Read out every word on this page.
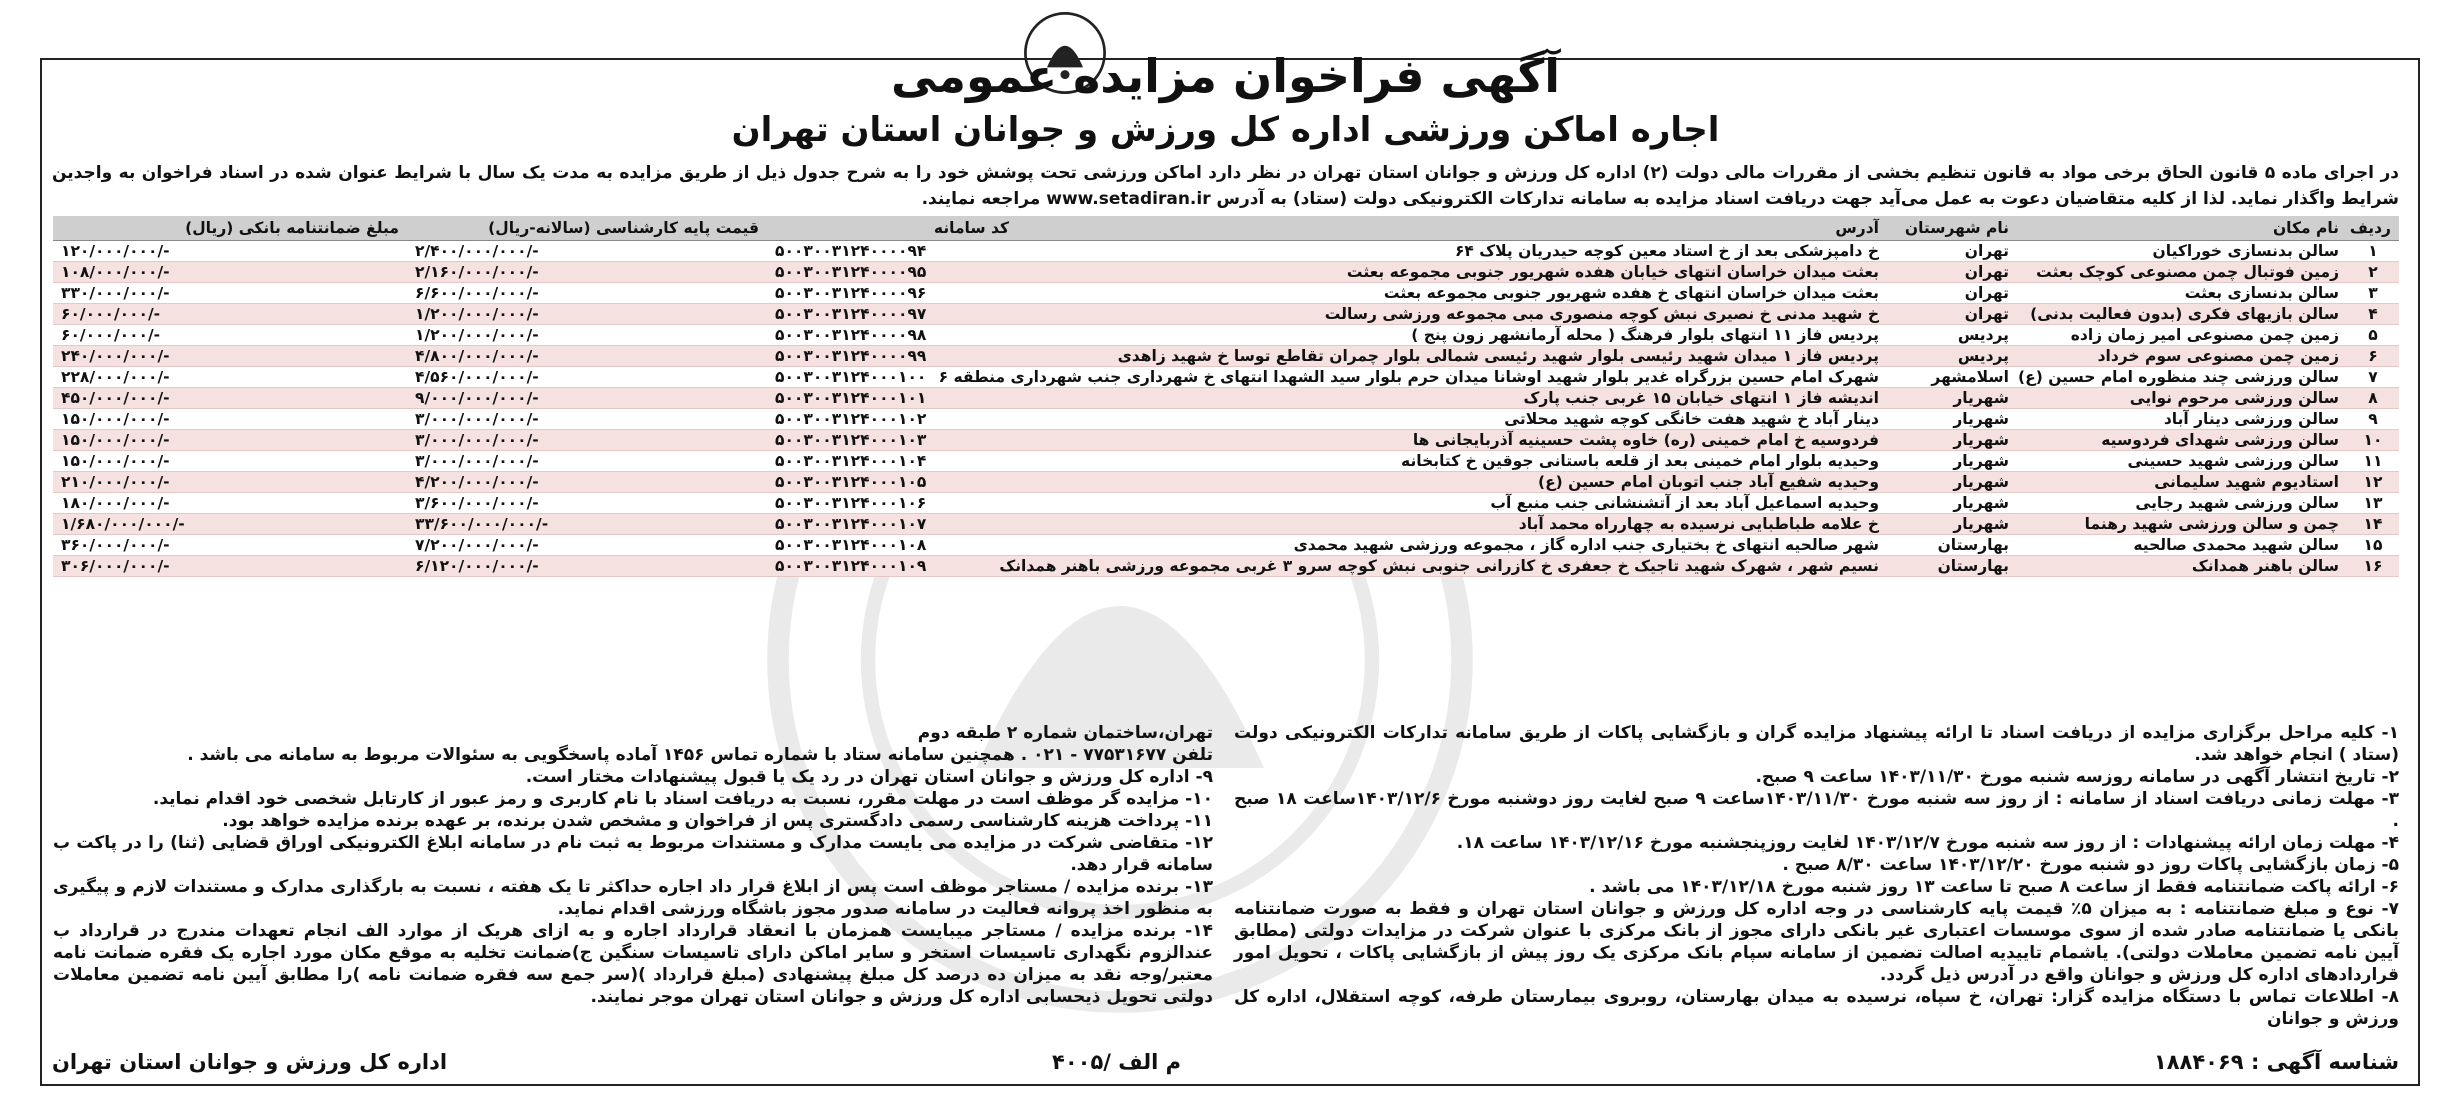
آگهی فراخوان مزایده عمومی
اجاره اماکن ورزشی اداره کل ورزش و جوانان استان تهران
در اجرای ماده ۵ قانون الحاق برخی مواد به قانون تنظیم بخشی از مقررات مالی دولت (۲) اداره کل ورزش و جوانان استان تهران در نظر دارد اماکن ورزشی تحت پوشش خود را به شرح جدول ذیل از طریق مزایده به مدت یک سال با شرایط عنوان شده در اسناد فراخوان به واجدین شرایط واگذار نماید. لذا از کلیه متقاضیان دعوت به عمل می‌آید جهت دریافت اسناد مزایده به سامانه تدارکات الکترونیکی دولت (ستاد) به آدرس www.setadiran.ir مراجعه نمایند.
ردیف	نام مکان	نام شهرستان	آدرس	کد سامانه	قیمت پایه کارشناسی (سالانه-ریال)	مبلغ ضمانتنامه بانکی (ریال)
۱	سالن بدنسازی خوراکیان	تهران	خ دامپزشکی بعد از خ استاد معین کوچه حیدریان پلاک ۶۴	۵۰۰۳۰۰۳۱۲۴۰۰۰۰۹۴	۲/۴۰۰/۰۰۰/۰۰۰/-	۱۲۰/۰۰۰/۰۰۰/-
۲	زمین فوتبال چمن مصنوعی کوچک بعثت	تهران	بعثت میدان خراسان انتهای خیابان هفده شهریور جنوبی مجموعه بعثت	۵۰۰۳۰۰۳۱۲۴۰۰۰۰۹۵	۲/۱۶۰/۰۰۰/۰۰۰/-	۱۰۸/۰۰۰/۰۰۰/-
۳	سالن بدنسازی بعثت	تهران	بعثت میدان خراسان انتهای خ هفده شهریور جنوبی مجموعه بعثت	۵۰۰۳۰۰۳۱۲۴۰۰۰۰۹۶	۶/۶۰۰/۰۰۰/۰۰۰/-	۳۳۰/۰۰۰/۰۰۰/-
۴	سالن بازیهای فکری (بدون فعالیت بدنی)	تهران	خ شهید مدنی خ نصیری نبش کوچه منصوری مبی مجموعه ورزشی رسالت	۵۰۰۳۰۰۳۱۲۴۰۰۰۰۹۷	۱/۲۰۰/۰۰۰/۰۰۰/-	۶۰/۰۰۰/۰۰۰/-
۵	زمین چمن مصنوعی امیر زمان زاده	پردیس	پردیس فاز ۱۱ انتهای بلوار فرهنگ ( محله آرمانشهر زون پنج )	۵۰۰۳۰۰۳۱۲۴۰۰۰۰۹۸	۱/۲۰۰/۰۰۰/۰۰۰/-	۶۰/۰۰۰/۰۰۰/-
۶	زمین چمن مصنوعی سوم خرداد	پردیس	پردیس فاز ۱ میدان شهید رئیسی بلوار شهید رئیسی شمالی بلوار چمران تقاطع توسا خ شهید زاهدی	۵۰۰۳۰۰۳۱۲۴۰۰۰۰۹۹	۴/۸۰۰/۰۰۰/۰۰۰/-	۲۴۰/۰۰۰/۰۰۰/-
۷	سالن ورزشی چند منظوره امام حسین (ع)	اسلامشهر	شهرک امام حسین بزرگراه غدیر بلوار شهید اوشانا میدان حرم بلوار سید الشهدا انتهای خ شهرداری جنب شهرداری منطقه ۶	۵۰۰۳۰۰۳۱۲۴۰۰۰۱۰۰	۴/۵۶۰/۰۰۰/۰۰۰/-	۲۲۸/۰۰۰/۰۰۰/-
۸	سالن ورزشی مرحوم نوایی	شهریار	اندیشه فاز ۱ انتهای خیابان ۱۵ غربی جنب پارک	۵۰۰۳۰۰۳۱۲۴۰۰۰۱۰۱	۹/۰۰۰/۰۰۰/۰۰۰/-	۴۵۰/۰۰۰/۰۰۰/-
۹	سالن ورزشی دینار آباد	شهریار	دینار آباد خ شهید هفت خانگی کوچه شهید محلاتی	۵۰۰۳۰۰۳۱۲۴۰۰۰۱۰۲	۳/۰۰۰/۰۰۰/۰۰۰/-	۱۵۰/۰۰۰/۰۰۰/-
۱۰	سالن ورزشی شهدای فردوسیه	شهریار	فردوسیه خ امام خمینی (ره) خاوه پشت حسینیه آذربایجانی ها	۵۰۰۳۰۰۳۱۲۴۰۰۰۱۰۳	۳/۰۰۰/۰۰۰/۰۰۰/-	۱۵۰/۰۰۰/۰۰۰/-
۱۱	سالن ورزشی شهید حسینی	شهریار	وحیدیه بلوار امام خمینی بعد از قلعه باستانی جوقین خ کتابخانه	۵۰۰۳۰۰۳۱۲۴۰۰۰۱۰۴	۳/۰۰۰/۰۰۰/۰۰۰/-	۱۵۰/۰۰۰/۰۰۰/-
۱۲	استادیوم شهید سلیمانی	شهریار	وحیدیه شفیع آباد جنب اتوبان امام حسین (ع)	۵۰۰۳۰۰۳۱۲۴۰۰۰۱۰۵	۴/۲۰۰/۰۰۰/۰۰۰/-	۲۱۰/۰۰۰/۰۰۰/-
۱۳	سالن ورزشی شهید رجایی	شهریار	وحیدیه اسماعیل آباد بعد از آتشنشانی جنب منبع آب	۵۰۰۳۰۰۳۱۲۴۰۰۰۱۰۶	۳/۶۰۰/۰۰۰/۰۰۰/-	۱۸۰/۰۰۰/۰۰۰/-
۱۴	چمن و سالن ورزشی شهید رهنما	شهریار	خ علامه طباطبایی نرسیده به چهارراه محمد آباد	۵۰۰۳۰۰۳۱۲۴۰۰۰۱۰۷	۳۳/۶۰۰/۰۰۰/۰۰۰/-	۱/۶۸۰/۰۰۰/۰۰۰/-
۱۵	سالن شهید محمدی صالحیه	بهارستان	شهر صالحیه انتهای خ بختیاری جنب اداره گاز ، مجموعه ورزشی شهید محمدی	۵۰۰۳۰۰۳۱۲۴۰۰۰۱۰۸	۷/۲۰۰/۰۰۰/۰۰۰/-	۳۶۰/۰۰۰/۰۰۰/-
۱۶	سالن باهنر همدانک	بهارستان	نسیم شهر ، شهرک شهید تاجیک خ جعفری خ کازرانی جنوبی نبش کوچه سرو ۳ غربی مجموعه ورزشی باهنر همدانک	۵۰۰۳۰۰۳۱۲۴۰۰۰۱۰۹	۶/۱۲۰/۰۰۰/۰۰۰/-	۳۰۶/۰۰۰/۰۰۰/-

۱- کلیه مراحل برگزاری مزایده از دریافت اسناد تا ارائه پیشنهاد مزایده گران و بازگشایی پاکات از طریق سامانه تدارکات الکترونیکی دولت (ستاد ) انجام خواهد شد.

۲- تاریخ انتشار آگهی در سامانه روزسه شنبه مورخ ۱۴۰۳/۱۱/۳۰ ساعت ۹ صبح.

۳- مهلت زمانی دریافت اسناد از سامانه : از روز سه شنبه مورخ ۱۴۰۳/۱۱/۳۰ساعت ۹ صبح لغایت روز دوشنبه مورخ ۱۴۰۳/۱۲/۶ساعت ۱۸ صبح .

۴- مهلت زمان ارائه پیشنهادات : از روز سه شنبه مورخ ۱۴۰۳/۱۲/۷ لغایت روزپنجشنبه مورخ ۱۴۰۳/۱۲/۱۶ ساعت ۱۸.

۵- زمان بازگشایی پاکات روز دو شنبه مورخ ۱۴۰۳/۱۲/۲۰ ساعت ۸/۳۰ صبح .

۶- ارائه پاکت ضمانتنامه فقط از ساعت ۸ صبح تا ساعت ۱۳ روز شنبه مورخ ۱۴۰۳/۱۲/۱۸ می باشد .

۷- نوع و مبلغ ضمانتنامه : به میزان ۵٪ قیمت پایه کارشناسی در وجه اداره کل ورزش و جوانان استان تهران و فقط به صورت ضمانتنامه بانکی یا ضمانتنامه صادر شده از سوی موسسات اعتباری غیر بانکی دارای مجوز از بانک مرکزی با عنوان شرکت در مزایدات دولتی (مطابق آیین نامه تضمین معاملات دولتی). یاشمام تاییدیه اصالت تضمین از سامانه سپام بانک مرکزی یک روز پیش از بازگشایی پاکات ، تحویل امور قراردادهای اداره کل ورزش و جوانان واقع در آدرس ذیل گردد.

۸- اطلاعات تماس با دستگاه مزایده گزار: تهران، خ سپاه، نرسیده به میدان بهارستان، روبروی بیمارستان طرفه، کوچه استقلال، اداره کل ورزش و جوانان

تهران،ساختمان شماره ۲ طبقه دوم

تلفن ۷۷۵۳۱۶۷۷ - ۰۲۱ . همچنین سامانه ستاد با شماره تماس ۱۴۵۶ آماده پاسخگویی به سئوالات مربوط به سامانه می باشد .

۹- اداره کل ورزش و جوانان استان تهران در رد یک یا قبول پیشنهادات مختار است.

۱۰- مزایده گر موظف است در مهلت مقرر، نسبت به دریافت اسناد با نام کاربری و رمز عبور از کارتابل شخصی خود اقدام نماید.

۱۱- پرداخت هزینه کارشناسی رسمی دادگستری پس از فراخوان و مشخص شدن برنده، بر عهده برنده مزایده خواهد بود.

۱۲- متقاضی شرکت در مزایده می بایست مدارک و مستندات مربوط به ثبت نام در سامانه ابلاغ الکترونیکی اوراق قضایی (ثنا) را در پاکت ب سامانه قرار دهد.

۱۳- برنده مزایده / مستاجر موظف است پس از ابلاغ قرار داد اجاره حداکثر تا یک هفته ، نسبت به بارگذاری مدارک و مستندات لازم و پیگیری به منظور اخذ پروانه فعالیت در سامانه صدور مجوز باشگاه ورزشی اقدام نماید.

۱۴- برنده مزایده / مستاجر میبایست همزمان با انعقاد قرارداد اجاره و به ازای هریک از موارد الف انجام تعهدات مندرج در قرارداد ب عندالزوم نگهداری تاسیسات استخر و سایر اماکن دارای تاسیسات سنگین ج)ضمانت تخلیه به موقع مکان مورد اجاره یک فقره ضمانت نامه معتبر/وجه نقد به میزان ده درصد کل مبلغ پیشنهادی (مبلغ قرارداد )(سر جمع سه فقره ضمانت نامه )را مطابق آیین نامه تضمین معاملات دولتی تحویل ذیحسابی اداره کل ورزش و جوانان استان تهران موجر نمایند.

شناسه آگهی : ۱۸۸۴۰۶۹
م الف /۴۰۰۵
اداره کل ورزش و جوانان استان تهران
